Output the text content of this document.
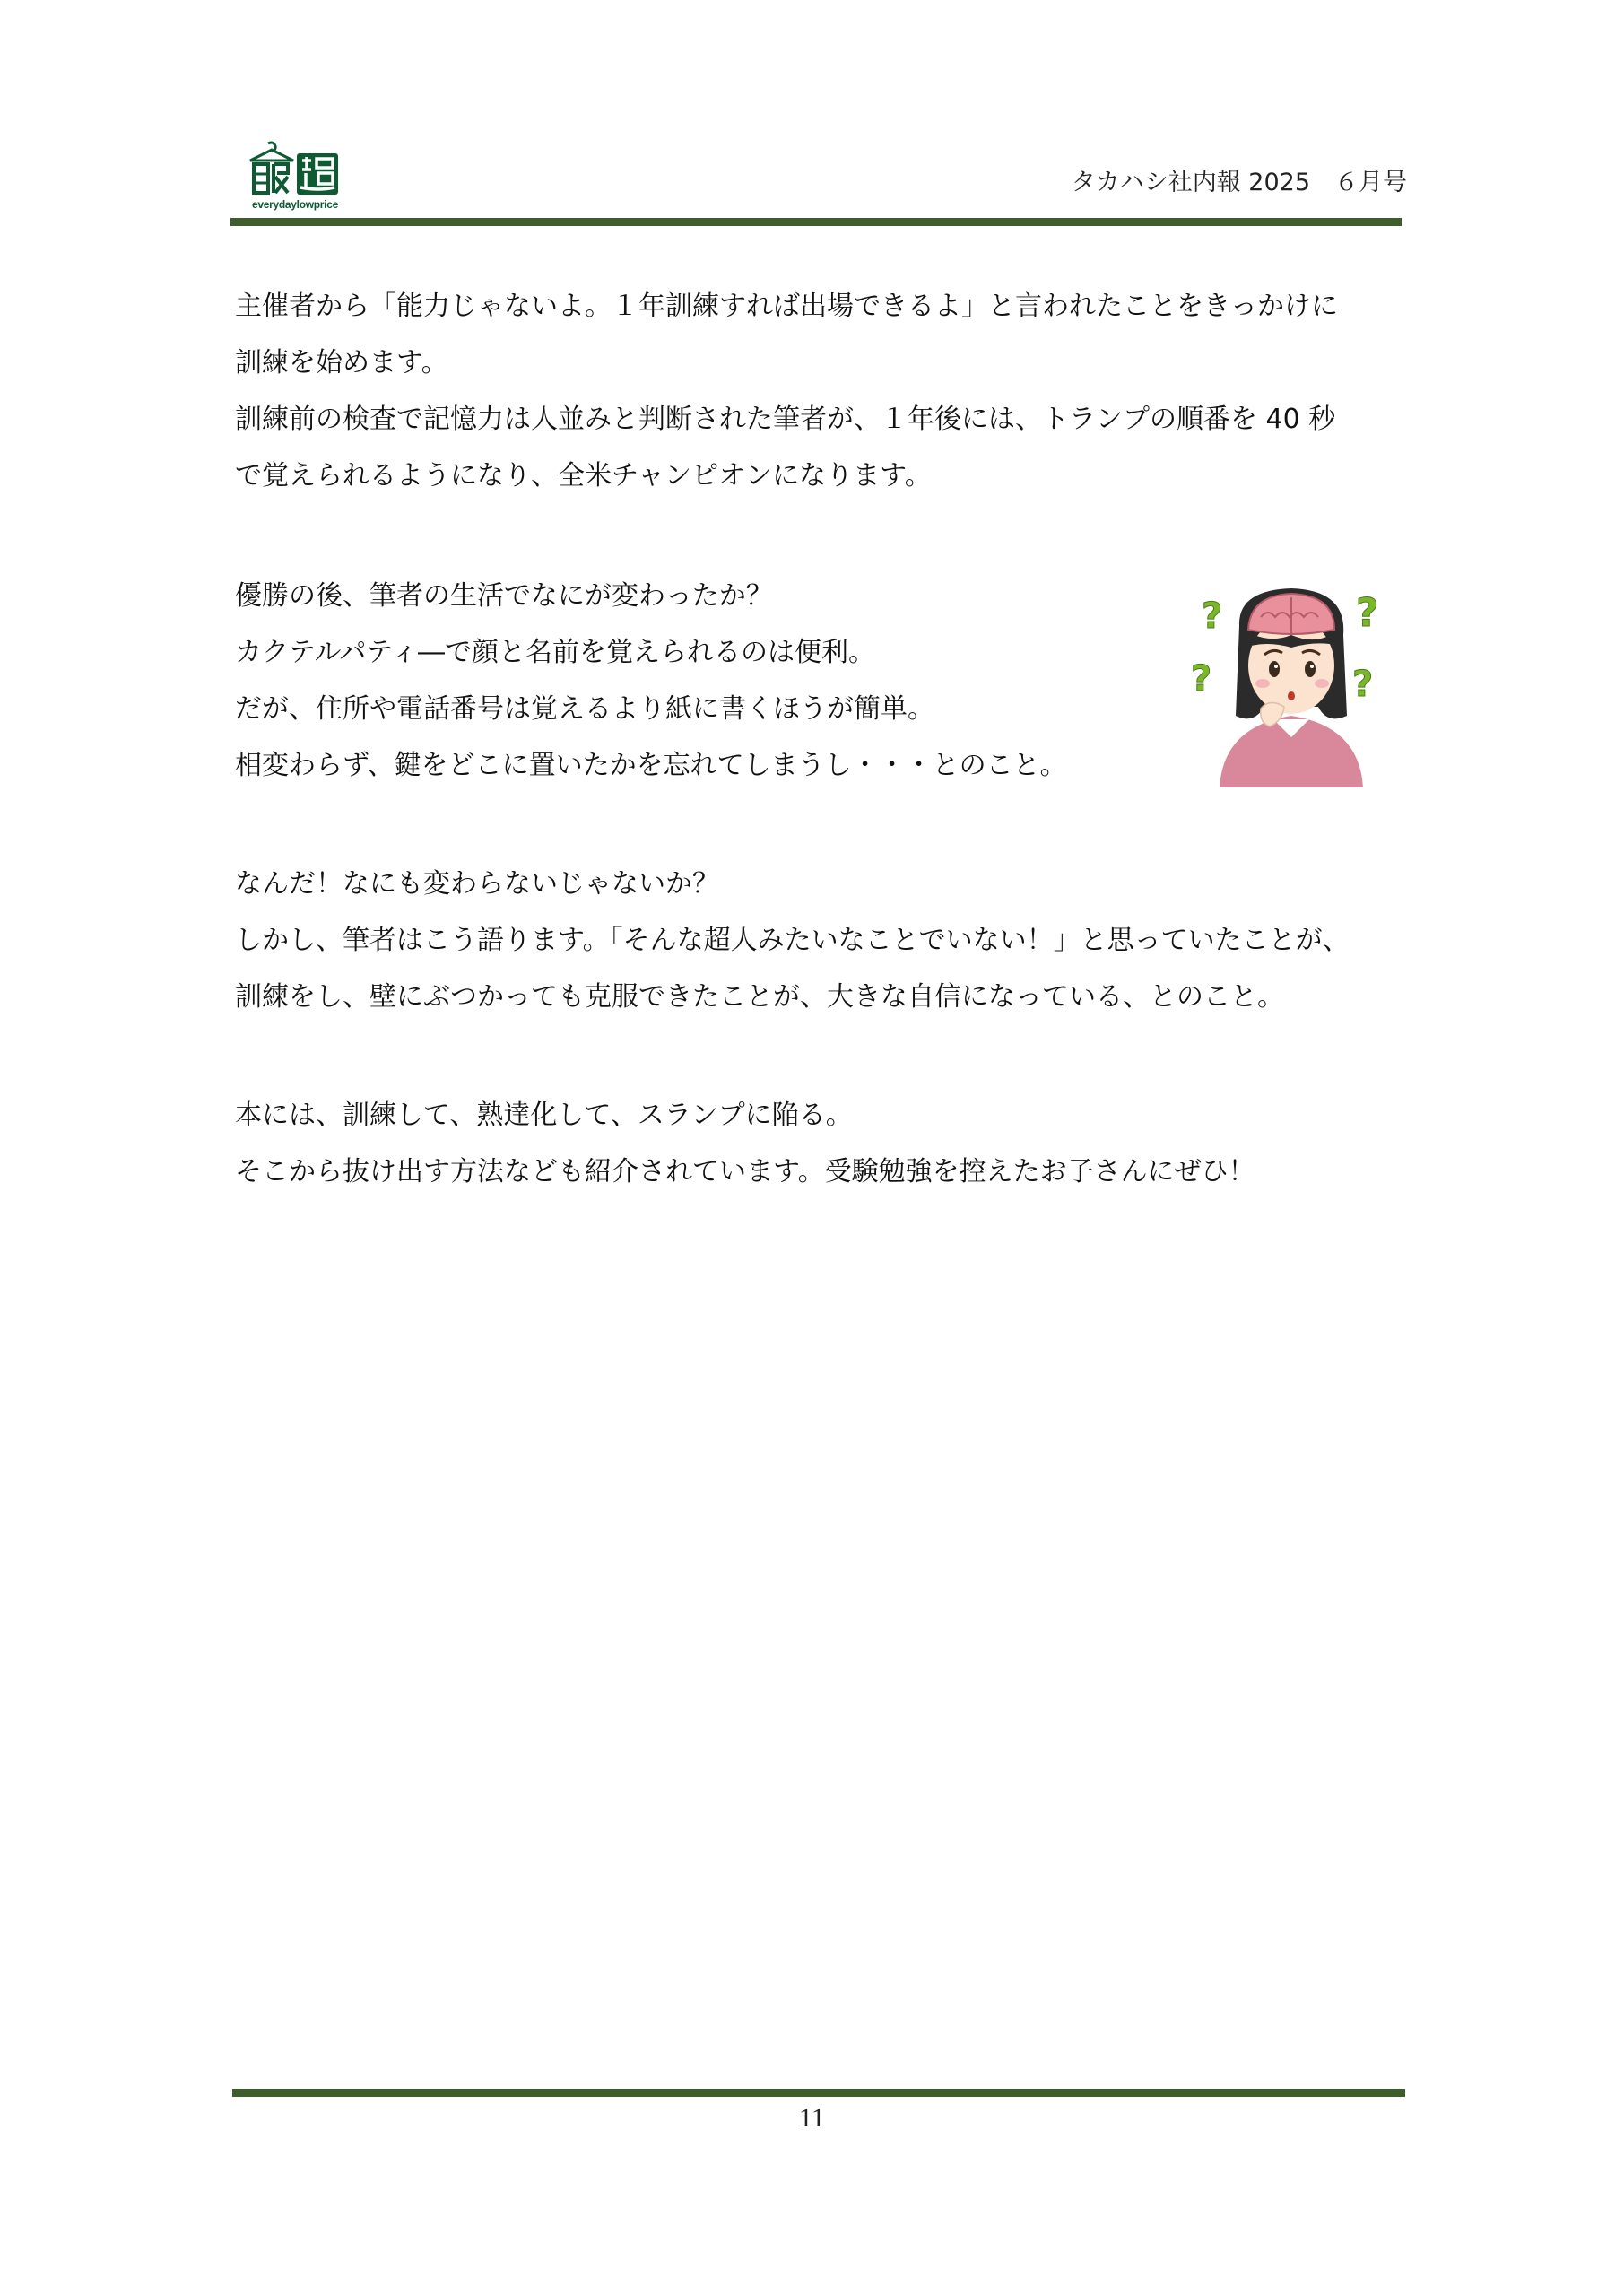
everydaylowprice
タカハシ社内報 2025　６月号
主催者から「能力じゃないよ。１年訓練すれば出場できるよ」と言われたことをきっかけに
訓練を始めます。
訓練前の検査で記憶力は人並みと判断された筆者が、１年後には、トランプの順番を 40 秒
で覚えられるようになり、全米チャンピオンになります。
優勝の後、筆者の生活でなにが変わったか？
カクテルパティ―で顔と名前を覚えられるのは便利。
だが、住所や電話番号は覚えるより紙に書くほうが簡単。
相変わらず、鍵をどこに置いたかを忘れてしまうし・・・とのこと。
なんだ！なにも変わらないじゃないか？
しかし、筆者はこう語ります。「そんな超人みたいなことでいない！」と思っていたことが、
訓練をし、壁にぶつかっても克服できたことが、大きな自信になっている、とのこと。
本には、訓練して、熟達化して、スランプに陥る。
そこから抜け出す方法なども紹介されています。受験勉強を控えたお子さんにぜひ！
?	?
?	?
11
